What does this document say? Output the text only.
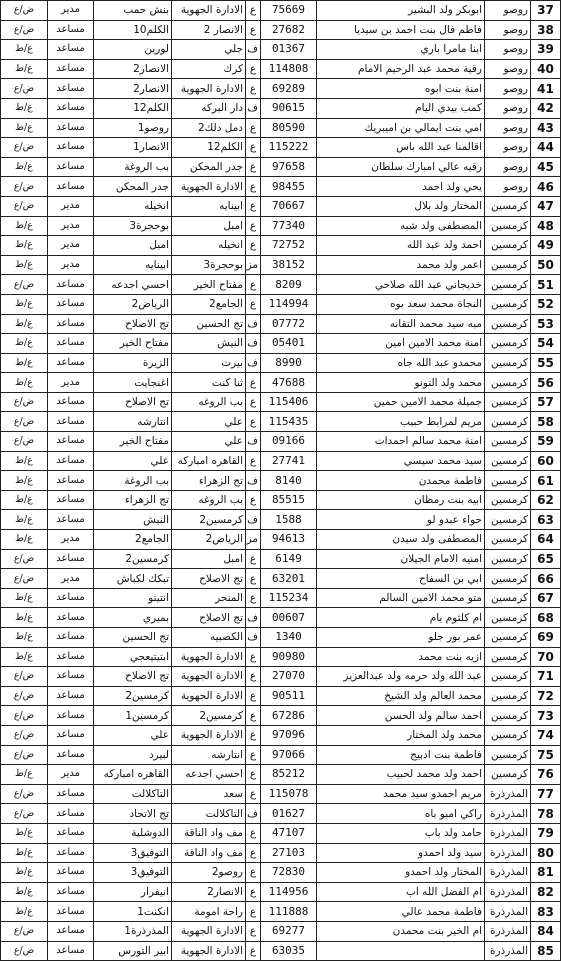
37	روصو	ابوبكر ولد البشير	75669	ع	الادارة الجهوية	بنش حمب	مدير	ض/ع
38	روصو	فاطم فال بنت احمد بن سيديا	27682	ع	الانصار 2	الكلم10	مساعد	ض/ع
39	روصو	ابنا مامرا باري	01367	ف	جلي	لورين	مساعد	ع/ط
40	روصو	رقية محمد عبد الرحيم الامام	114808	ع	كرك	الانصار2	مساعد	ع/ط
41	روصو	امنة بنت ابوه	69289	ع	الادارة الجهوية	الانصار2	مساعد	ض/ع
42	روصو	كمب بيدي اليام	90615	ف	دار البركه	الكلم12	مساعد	ع/ط
43	روصو	امي بنت ايمالي بن اميبريك	80590	ع	دمل دلك2	روصو1	مساعد	ع/ط
44	روصو	اقالمنا عبد الله باس	115222	ع	الكلم12	الانصار1	مساعد	ض/ع
45	روصو	رقيه عالي امبارك سلطان	97658	ع	جدر المحكن	بب الروغة	مساعد	ع/ط
46	روصو	يحي ولد احمد	98455	ع	الادارة الجهوية	جدر المحكن	مساعد	ض/ع
47	كرمسين	المختار ولد بلال	70667	ع	ابينايه	انخيله	مدير	ض/ع
48	كرمسين	المصطفى ولد شبه	77340	ع	امبل	بوحجرة3	مدير	ع/ط
49	كرمسين	احمد ولد عبد الله	72752	ع	انخيله	امبل	مدير	ع/ط
50	كرمسين	اعمر ولد محمد	38152	مز	بوحجرة3	ابينايه	مدير	ع/ط
51	كرمسين	خديجاني عبد الله صلاحي	8209	ع	مفتاح الخير	احسي اجدعه	مساعد	ض/ع
52	كرمسين	النجاة محمد سعد بوه	114994	ع	الجامع2	الرياض2	مساعد	ع/ط
53	كرمسين	مبه سيد محمد التقانه	07772	ف	تج الحسين	تج الاصلاح	مساعد	ع/ط
54	كرمسين	امنة محمد الامين امين	05401	ف	النيش	مفتاح الخير	مساعد	ع/ط
55	كرمسين	محمدو عبد الله جاه	8990	ف	بيرت	الزيرة	مساعد	ع/ط
56	كرمسين	محمد ولد التونو	47688	ع	ثنا كنت	اغنجايت	مدير	ع/ط
57	كرمسين	جميلة محمد الامين حمين	115406	ع	بب الروغه	تج الاصلاح	مساعد	ض/ع
58	كرمسين	مريم لمرابط حبيب	115435	ع	علي	انتارشه	مساعد	ض/ع
59	كرمسين	امنة محمد سالم احمدات	09166	ف	علي	مفتاح الخير	مساعد	ض/ع
60	كرمسين	سيد محمد سيسي	27741	ع	القاهره امباركه	علي	مساعد	ع/ط
61	كرمسين	فاطمة محمدن	8140	ف	تج الزهراء	بب الروغة	مساعد	ع/ط
62	كرمسين	ابيه بنت رمظان	85515	ع	بب الروغه	تج الزهراء	مساعد	ع/ط
63	كرمسين	حواء عبدو لو	1588	ف	كرمسين2	النيش	مساعد	ع/ط
64	كرمسين	المصطفى ولد سيدن	94613	مز	الرياض2	الجامع2	مدير	ع/ط
65	كرمسين	امنيه الامام الجيلان	6149	ع	امبل	كرمسين2	مساعد	ض/ع
66	كرمسين	ابي بن السفاح	63201	ع	تج الاصلاح	تبكك لكباش	مدير	ض/ع
67	كرمسين	متو محمد الامين السالم	115234	ع	المنحر	انتيتو	مساعد	ع/ط
68	كرمسين	ام كلثوم يام	00607	ف	تج الاصلاح	بميري	مساعد	ع/ط
69	كرمسين	عمر بور جلو	1340	ف	الكصبيه	تج الحسين	مساعد	ع/ط
70	كرمسين	ازيه بنت محمد	90980	ع	الادارة الجهوية	ابتيتيعجي	مساعد	ع/ط
71	كرمسين	عبد الله ولد حرمه ولد عبدالعزيز	27070	ع	الادارة الجهوية	تج الاصلاح	مساعد	ض/ع
72	كرمسين	محمد العالم ولد الشيخ	90511	ع	الادارة الجهوية	كرمسين2	مساعد	ض/ع
73	كرمسين	احمد سالم ولد الحسن	67286	ع	كرمسين2	كرمسين1	مساعد	ض/ع
74	كرمسين	محمد ولد المختار	97096	ع	الادارة الجهوية	علي	مساعد	ض/ع
75	كرمسين	فاطمة بنت ادبيج	97066	ع	انتارشه	لبيرد	مساعد	ض/ع
76	كرمسين	احمد ولد محمد لحبيب	85212	ع	احسي اجدعه	القاهره امباركه	مدير	ع/ط
77	المذرذرة	مريم احمدو سيد محمد	115078	ع	سعد	التاكلالت	مساعد	ض/ع
78	المذرذرة	راكي امبو باه	01627	ف	التاكلالت	تج الاتحاد	مساعد	ض/ع
79	المذرذرة	حامد ولد باب	47107	ع	مف واد الناقة	الدوشلية	مساعد	ع/ط
80	المذرذرة	سيد ولد احمدو	27103	ع	مف واد الناقة	التوفيق3	مساعد	ع/ط
81	المذرذرة	المختار ولد احمدو	72830	ع	روصو2	التوفيق3	مساعد	ع/ط
82	المذرذرة	ام الفضل الله اب	114956	ع	الانصار2	انيفرار	مساعد	ع/ط
83	المذرذرة	فاطمة محمد عالي	111888	ع	راحة امومة	انكنت1	مساعد	ع/ط
84	المذرذرة	ام الخير بنت محمدن	69277	ع	الادارة الجهوية	المذرذرة1	مساعد	ض/ع
85	المذرذرة		63035	ع	الادارة الجهوية	ابير التورس	مساعد	ض/ع
